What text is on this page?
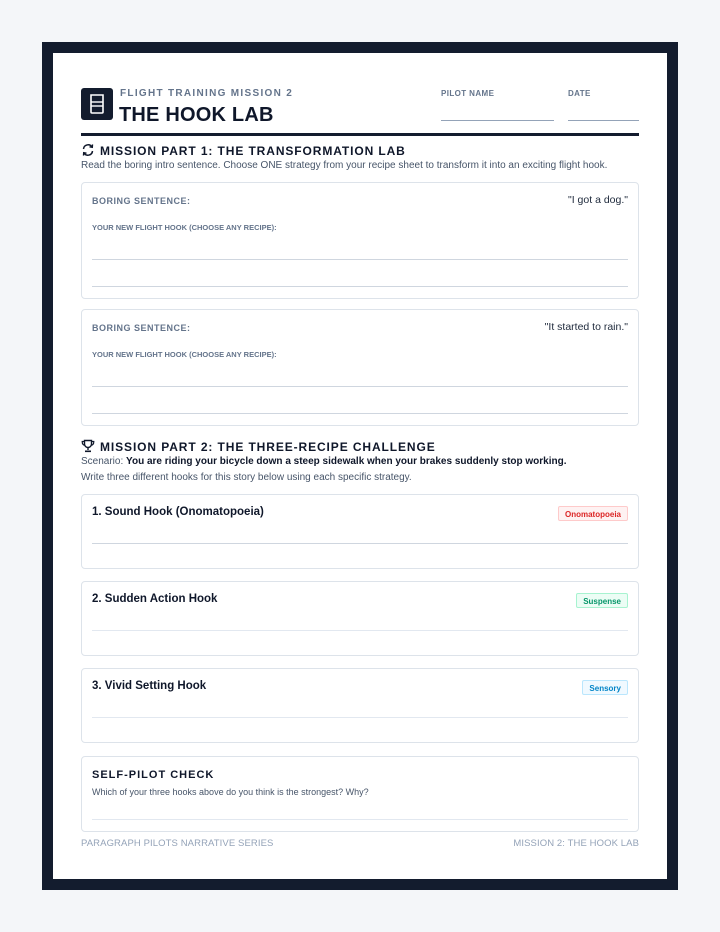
FLIGHT TRAINING MISSION 2
THE HOOK LAB
PILOT NAME	DATE
MISSION PART 1: THE TRANSFORMATION LAB
Read the boring intro sentence. Choose ONE strategy from your recipe sheet to transform it into an exciting flight hook.
BORING SENTENCE:	"I got a dog."
YOUR NEW FLIGHT HOOK (CHOOSE ANY RECIPE):
BORING SENTENCE:	"It started to rain."
YOUR NEW FLIGHT HOOK (CHOOSE ANY RECIPE):
MISSION PART 2: THE THREE-RECIPE CHALLENGE
Scenario: You are riding your bicycle down a steep sidewalk when your brakes suddenly stop working.
Write three different hooks for this story below using each specific strategy.
1. Sound Hook (Onomatopoeia)	Onomatopoeia
2. Sudden Action Hook	Suspense
3. Vivid Setting Hook	Sensory
SELF-PILOT CHECK
Which of your three hooks above do you think is the strongest? Why?
PARAGRAPH PILOTS NARRATIVE SERIES	MISSION 2: THE HOOK LAB
